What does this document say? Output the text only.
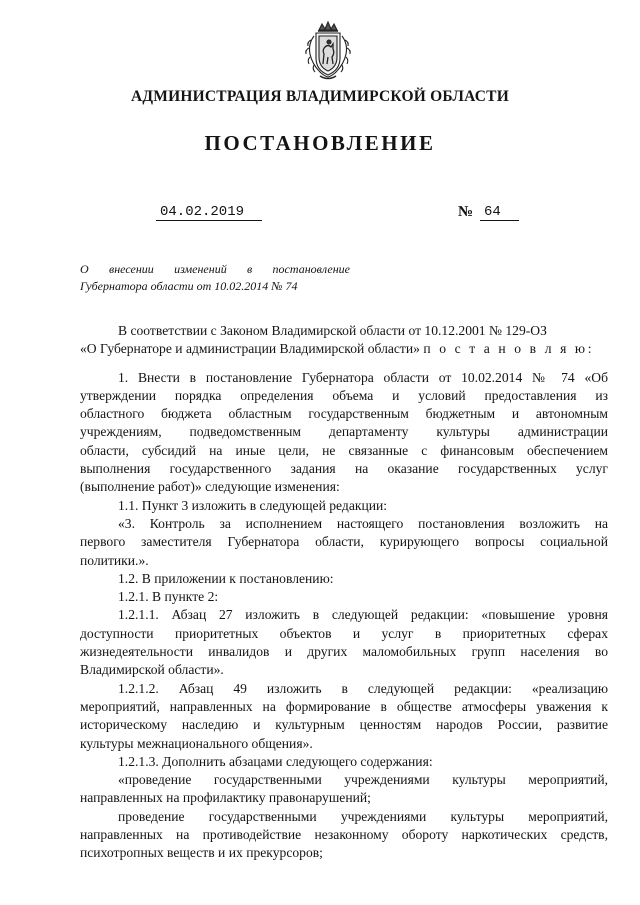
АДМИНИСТРАЦИЯ ВЛАДИМИРСКОЙ ОБЛАСТИ
ПОСТАНОВЛЕНИЕ
04.02.2019	№ 64
О внесении изменений в постановление
Губернатора области от 10.02.2014 № 74
В соответствии с Законом Владимирской области от 10.12.2001 № 129-ОЗ
«О Губернаторе и администрации Владимирской области» п о с т а н о в л я ю:
1. Внести в постановление Губернатора области от 10.02.2014 № 74 «Об
утверждении порядка определения объема и условий предоставления из
областного бюджета областным государственным бюджетным и автономным
учреждениям, подведомственным департаменту культуры администрации
области, субсидий на иные цели, не связанные с финансовым обеспечением
выполнения государственного задания на оказание государственных услуг
(выполнение работ)» следующие изменения:
1.1. Пункт 3 изложить в следующей редакции:
«3. Контроль за исполнением настоящего постановления возложить на
первого заместителя Губернатора области, курирующего вопросы социальной
политики.».
1.2. В приложении к постановлению:
1.2.1. В пункте 2:
1.2.1.1. Абзац 27 изложить в следующей редакции: «повышение уровня
доступности приоритетных объектов и услуг в приоритетных сферах
жизнедеятельности инвалидов и других маломобильных групп населения во
Владимирской области».
1.2.1.2. Абзац 49 изложить в следующей редакции: «реализацию
мероприятий, направленных на формирование в обществе атмосферы уважения к
историческому наследию и культурным ценностям народов России, развитие
культуры межнационального общения».
1.2.1.3. Дополнить абзацами следующего содержания:
«проведение государственными учреждениями культуры мероприятий,
направленных на профилактику правонарушений;
проведение государственными учреждениями культуры мероприятий,
направленных на противодействие незаконному обороту наркотических средств,
психотропных веществ и их прекурсоров;
